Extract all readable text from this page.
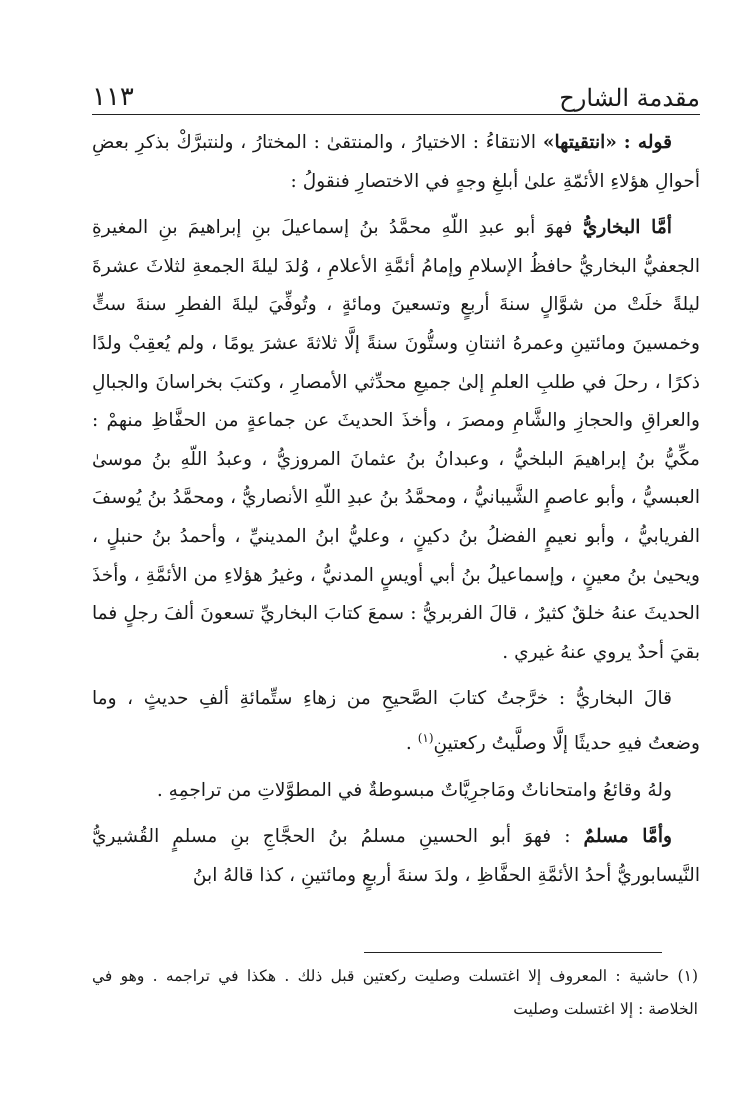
مقدمة الشارح
١١٣

قوله : «انتقيتها» الانتقاءُ : الاختيارُ ، والمنتقىٰ : المختارُ ، ولنتبرَّكْ بذكرِ بعضِ أحوالِ هؤلاءِ الأئمّةِ علىٰ أبلغِ وجهٍ في الاختصارِ فنقولُ :

أمَّا البخاريُّ فهوَ أبو عبدِ اللّهِ محمَّدُ بنُ إسماعيلَ بنِ إبراهيمَ بنِ المغيرةِ الجعفيُّ البخاريُّ حافظُ الإسلامِ وإمامُ أئمَّةِ الأعلامِ ، وُلدَ ليلةَ الجمعةِ لثلاثَ عشرةَ ليلةً خلَتْ من شوَّالٍ سنةَ أربعٍ وتسعينَ ومائةٍ ، وتُوفِّيَ ليلةَ الفطرِ سنةَ ستٍّ وخمسينَ ومائتينِ وعمرهُ اثنتانِ وستُّونَ سنةً إلَّا ثلاثةَ عشرَ يومًا ، ولم يُعقِبْ ولدًا ذكرًا ، رحلَ في طلبِ العلمِ إلىٰ جميعِ محدِّثي الأمصارِ ، وكتبَ بخراسانَ والجبالِ والعراقِ والحجازِ والشَّامِ ومصرَ ، وأخذَ الحديثَ عن جماعةٍ من الحفَّاظِ منهمْ : مكِّيُّ بنُ إبراهيمَ البلخيُّ ، وعبدانُ بنُ عثمانَ المروزيُّ ، وعبدُ اللّهِ بنُ موسىٰ العبسيُّ ، وأبو عاصمٍ الشَّيبانيُّ ، ومحمَّدُ بنُ عبدِ اللّهِ الأنصاريُّ ، ومحمَّدُ بنُ يُوسفَ الفريابيُّ ، وأبو نعيمٍ الفضلُ بنُ دكينٍ ، وعليُّ ابنُ المدينيِّ ، وأحمدُ بنُ حنبلٍ ، ويحيىٰ بنُ معينٍ ، وإسماعيلُ بنُ أبي أويسٍ المدنيُّ ، وغيرُ هؤلاءِ من الأئمَّةِ ، وأخذَ الحديثَ عنهُ خلقٌ كثيرٌ ، قالَ الفربريُّ : سمعَ كتابَ البخاريِّ تسعونَ ألفَ رجلٍ فما بقيَ أحدٌ يروي عنهُ غيري .

قالَ البخاريُّ : خرَّجتُ كتابَ الصَّحيحِ من زهاءِ ستِّمائةِ ألفِ حديثٍ ، وما وضعتُ فيهِ حديثًا إلَّا وصلَّيتُ ركعتينِ$^{(١)}$ .

ولهُ وقائعُ وامتحاناتٌ ومَاجرِيَّاتٌ مبسوطةٌ في المطوَّلاتِ من تراجمِهِ .

وأمَّا مسلمٌ : فهوَ أبو الحسينِ مسلمُ بنُ الحجَّاجِ بنِ مسلمٍ القُشيريُّ النَّيسابوريُّ أحدُ الأئمَّةِ الحفَّاظِ ، ولدَ سنةَ أربعٍ ومائتينِ ، كذا قالهُ ابنُ

(١) حاشية : المعروف إلا اغتسلت وصليت ركعتين قبل ذلك . هكذا في تراجمه . وهو في الخلاصة : إلا اغتسلت وصليت
